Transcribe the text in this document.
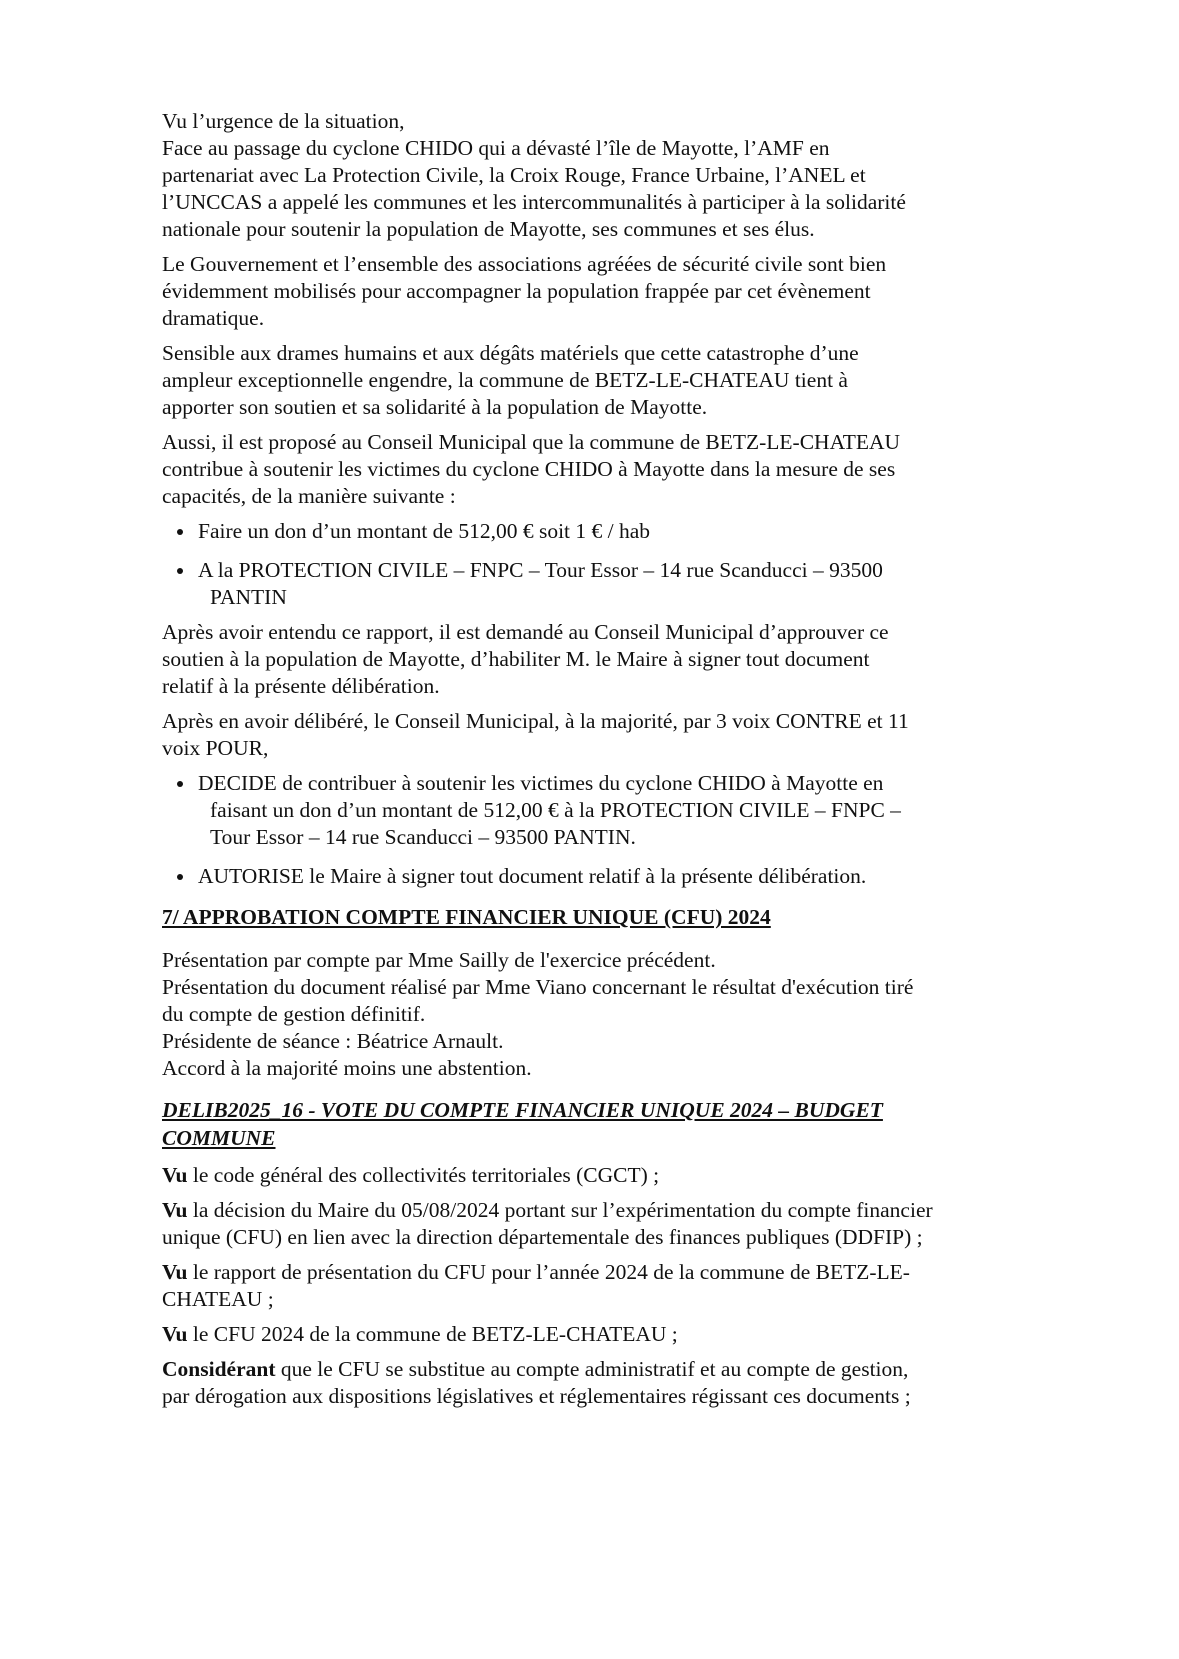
Vu l’urgence de la situation,
Face au passage du cyclone CHIDO qui a dévasté l’île de Mayotte, l’AMF en
partenariat avec La Protection Civile, la Croix Rouge, France Urbaine, l’ANEL et
l’UNCCAS a appelé les communes et les intercommunalités à participer à la solidarité
nationale pour soutenir la population de Mayotte, ses communes et ses élus.

Le Gouvernement et l’ensemble des associations agréées de sécurité civile sont bien
évidemment mobilisés pour accompagner la population frappée par cet évènement
dramatique.

Sensible aux drames humains et aux dégâts matériels que cette catastrophe d’une
ampleur exceptionnelle engendre, la commune de BETZ-LE-CHATEAU tient à
apporter son soutien et sa solidarité à la population de Mayotte.

Aussi, il est proposé au Conseil Municipal que la commune de BETZ-LE-CHATEAU
contribue à soutenir les victimes du cyclone CHIDO à Mayotte dans la mesure de ses
capacités, de la manière suivante :

Faire un don d’un montant de 512,00 € soit 1 € / hab
A la PROTECTION CIVILE – FNPC – Tour Essor – 14 rue Scanducci – 93500
PANTIN

Après avoir entendu ce rapport, il est demandé au Conseil Municipal d’approuver ce
soutien à la population de Mayotte, d’habiliter M. le Maire à signer tout document
relatif à la présente délibération.

Après en avoir délibéré, le Conseil Municipal, à la majorité, par 3 voix CONTRE et 11
voix POUR,

DECIDE de contribuer à soutenir les victimes du cyclone CHIDO à Mayotte en
faisant un don d’un montant de 512,00 € à la PROTECTION CIVILE – FNPC –
Tour Essor – 14 rue Scanducci – 93500 PANTIN.
AUTORISE le Maire à signer tout document relatif à la présente délibération.
7/ APPROBATION COMPTE FINANCIER UNIQUE (CFU) 2024

Présentation par compte par Mme Sailly de l'exercice précédent.
Présentation du document réalisé par Mme Viano concernant le résultat d'exécution tiré
du compte de gestion définitif.
Présidente de séance : Béatrice Arnault.
Accord à la majorité moins une abstention.

DELIB2025_16 - VOTE DU COMPTE FINANCIER UNIQUE 2024 – BUDGET
COMMUNE

Vu le code général des collectivités territoriales (CGCT) ;

Vu la décision du Maire du 05/08/2024 portant sur l’expérimentation du compte financier
unique (CFU) en lien avec la direction départementale des finances publiques (DDFIP) ;

Vu le rapport de présentation du CFU pour l’année 2024 de la commune de BETZ-LE-
CHATEAU ;

Vu le CFU 2024 de la commune de BETZ-LE-CHATEAU ;

Considérant que le CFU se substitue au compte administratif et au compte de gestion,
par dérogation aux dispositions législatives et réglementaires régissant ces documents ;
